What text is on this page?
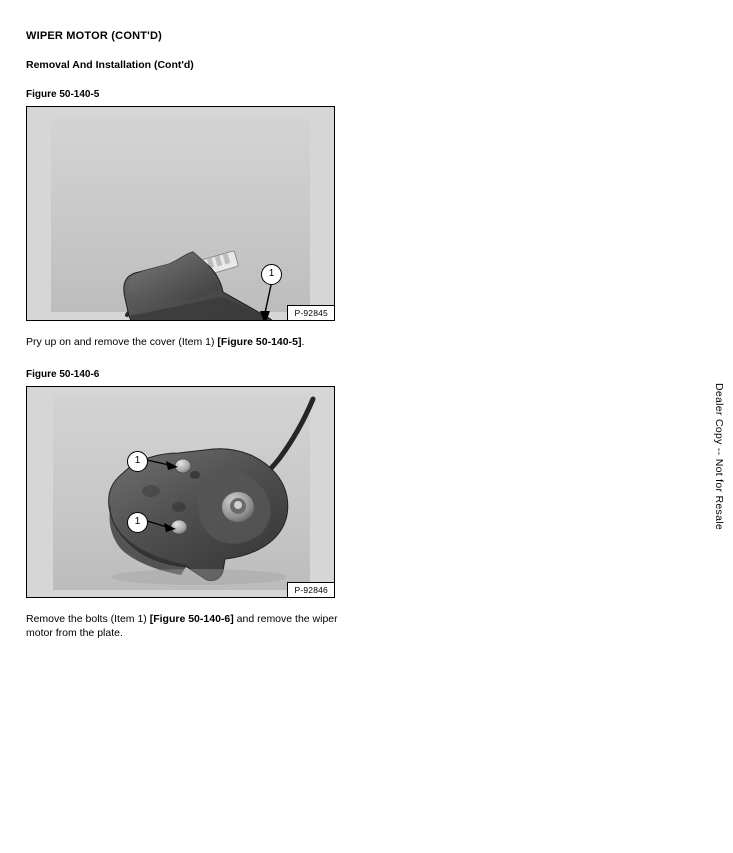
WIPER MOTOR (CONT'D)
Removal And Installation (Cont'd)
Figure 50-140-5
1
P-92845

Pry up on and remove the cover (Item 1) [Figure 50-140-5].

Figure 50-140-6
1
1
P-92846

Remove the bolts (Item 1) [Figure 50-140-6] and remove the wiper motor from the plate.

Dealer Copy -- Not for Resale
